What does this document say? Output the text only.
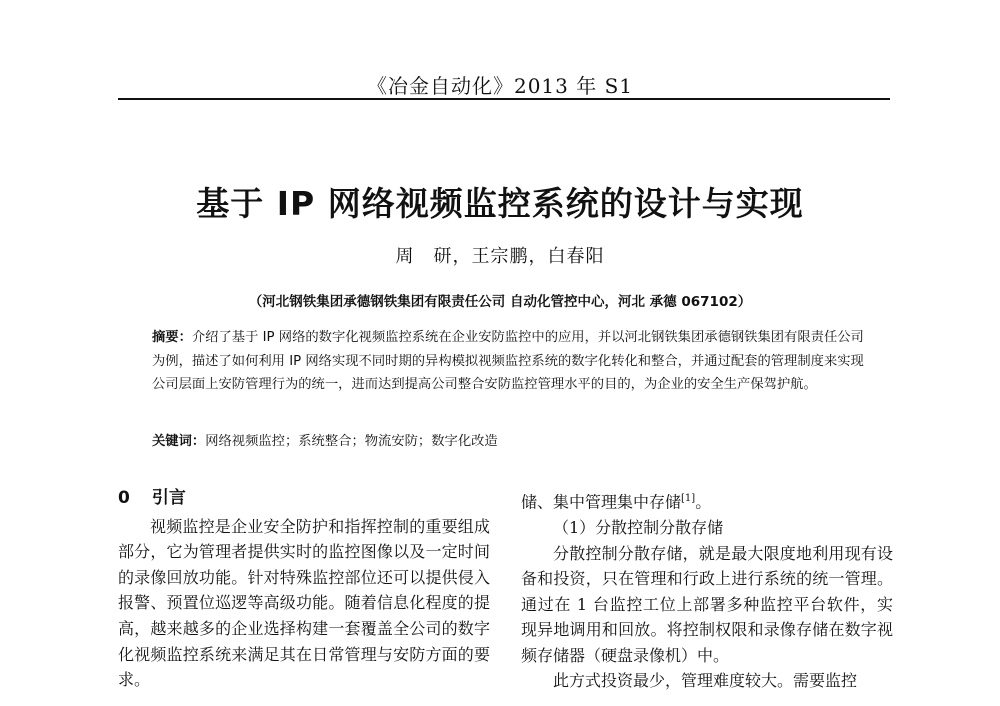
《冶金自动化》2013 年 S1
基于 IP 网络视频监控系统的设计与实现
周　研，王宗鹏，白春阳
（河北钢铁集团承德钢铁集团有限责任公司 自动化管控中心，河北 承德 067102）
摘要：介绍了基于 IP 网络的数字化视频监控系统在企业安防监控中的应用，并以河北钢铁集团承德钢铁集团有限责任公司为例，描述了如何利用 IP 网络实现不同时期的异构模拟视频监控系统的数字化转化和整合，并通过配套的管理制度来实现公司层面上安防管理行为的统一，进而达到提高公司整合安防监控管理水平的目的，为企业的安全生产保驾护航。
关键词：网络视频监控；系统整合；物流安防；数字化改造
0 引言

视频监控是企业安全防护和指挥控制的重要组成部分，它为管理者提供实时的监控图像以及一定时间的录像回放功能。针对特殊监控部位还可以提供侵入报警、预置位巡逻等高级功能。随着信息化程度的提高，越来越多的企业选择构建一套覆盖全公司的数字化视频监控系统来满足其在日常管理与安防方面的要求。

储、集中管理集中存储[1]。

（1）分散控制分散存储

分散控制分散存储，就是最大限度地利用现有设备和投资，只在管理和行政上进行系统的统一管理。通过在 1 台监控工位上部署多种监控平台软件，实现异地调用和回放。将控制权限和录像存储在数字视频存储器（硬盘录像机）中。

此方式投资最少，管理难度较大。需要监控
